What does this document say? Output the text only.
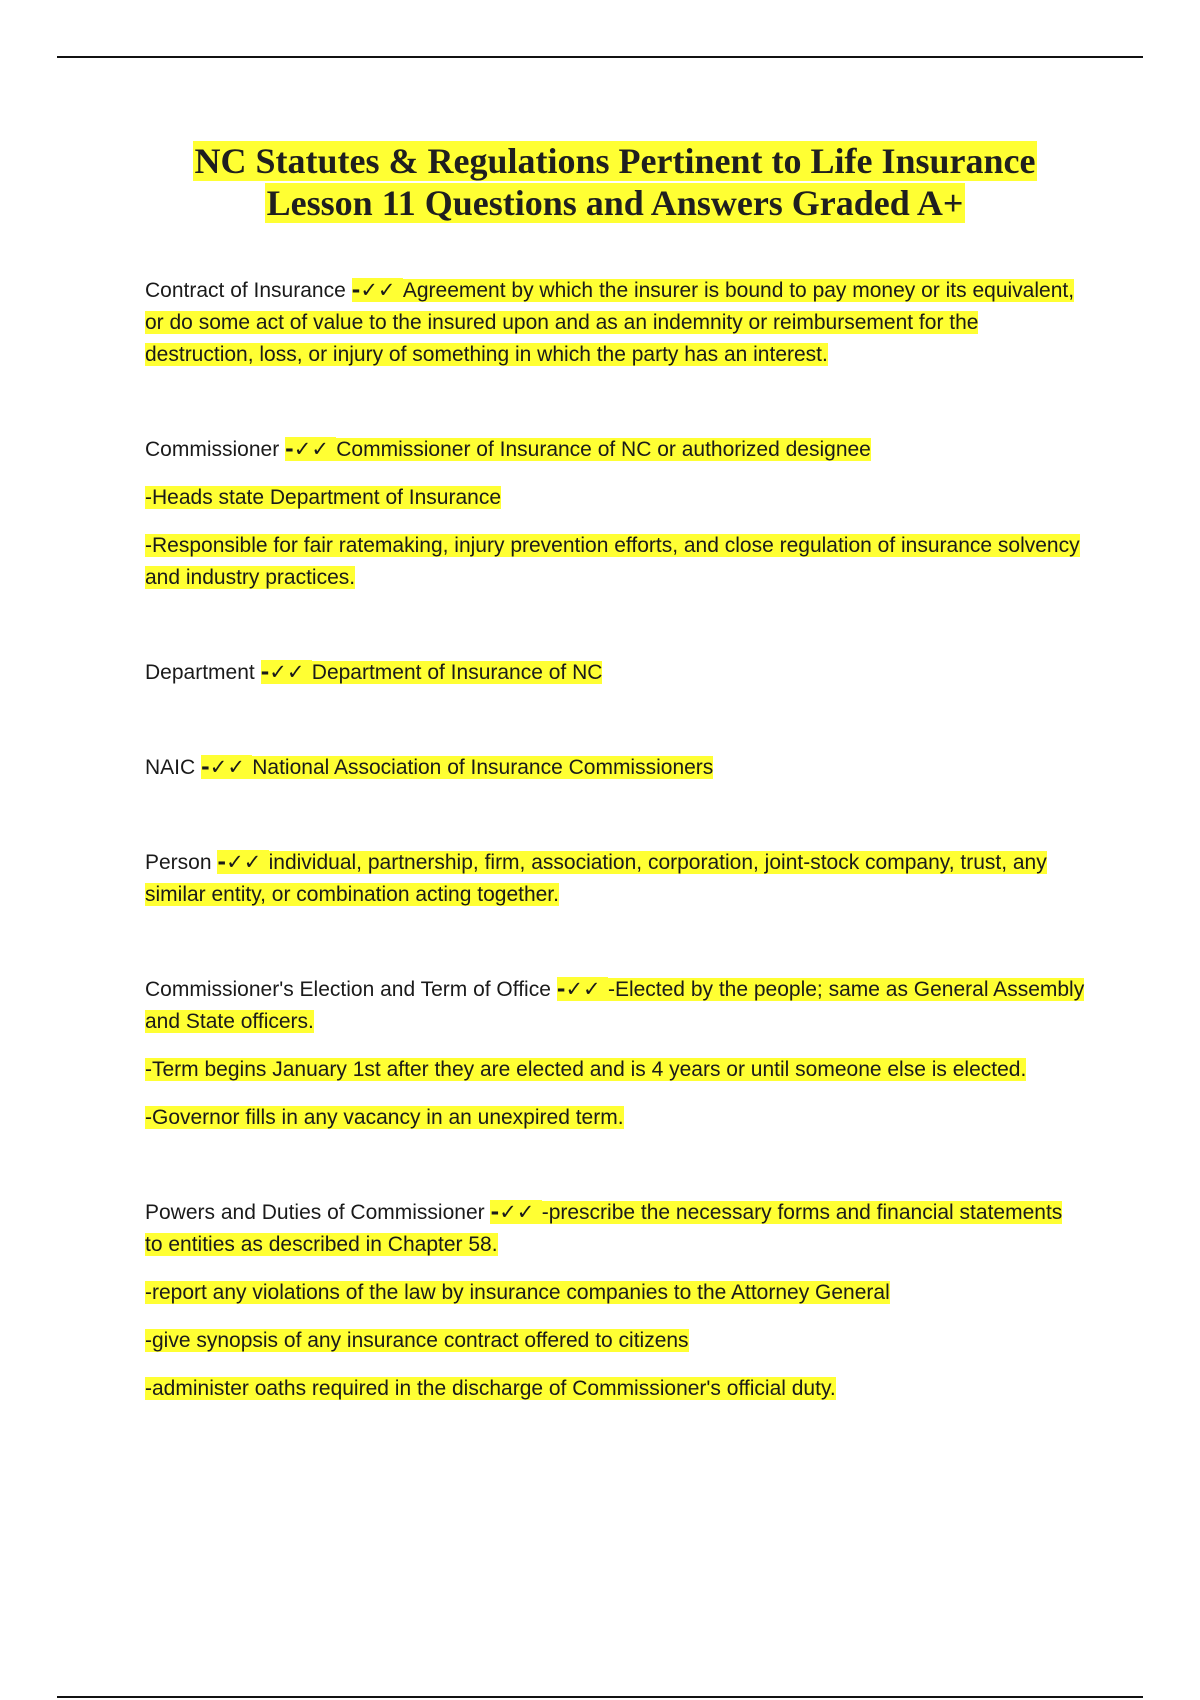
NC Statutes & Regulations Pertinent to Life Insurance
Lesson 11 Questions and Answers Graded A+

Contract of Insurance -✓✓ Agreement by which the insurer is bound to pay money or its equivalent, or do some act of value to the insured upon and as an indemnity or reimbursement for the destruction, loss, or injury of something in which the party has an interest.

Commissioner -✓✓ Commissioner of Insurance of NC or authorized designee

-Heads state Department of Insurance

-Responsible for fair ratemaking, injury prevention efforts, and close regulation of insurance solvency and industry practices.

Department -✓✓ Department of Insurance of NC

NAIC -✓✓ National Association of Insurance Commissioners

Person -✓✓ individual, partnership, firm, association, corporation, joint-stock company, trust, any similar entity, or combination acting together.

Commissioner's Election and Term of Office -✓✓ -Elected by the people; same as General Assembly and State officers.

-Term begins January 1st after they are elected and is 4 years or until someone else is elected.

-Governor fills in any vacancy in an unexpired term.

Powers and Duties of Commissioner -✓✓ -prescribe the necessary forms and financial statements to entities as described in Chapter 58.

-report any violations of the law by insurance companies to the Attorney General

-give synopsis of any insurance contract offered to citizens

-administer oaths required in the discharge of Commissioner's official duty.
